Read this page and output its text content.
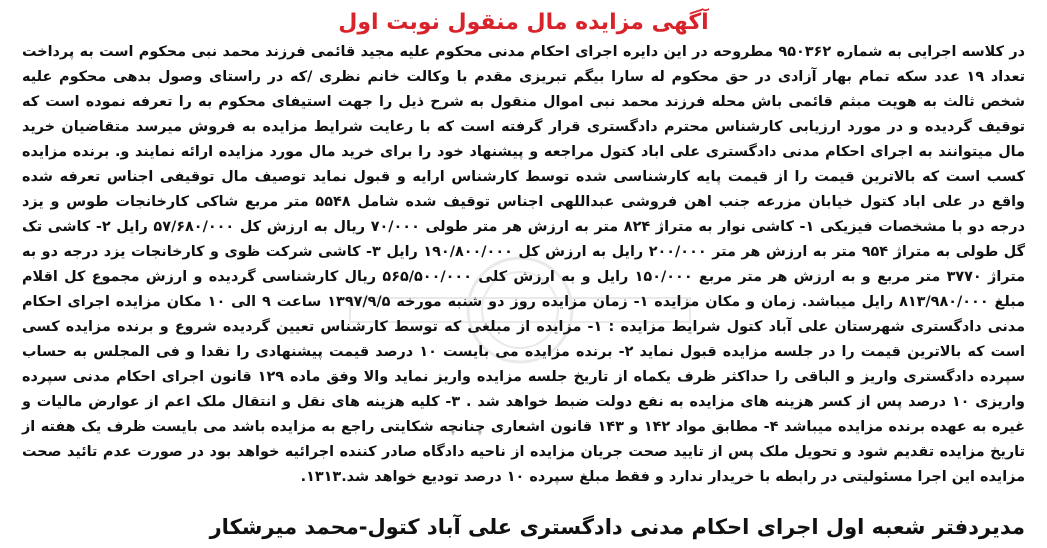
آگهی مزایده مال منقول نوبت اول

در کلاسه اجرایی به شماره ۹۵۰۳۶۲ مطروحه در این دایره اجرای احکام مدنی محکوم علیه مجید قائمی فرزند محمد نبی محکوم است به پرداخت تعداد ۱۹ عدد سکه تمام بهار آزادی در حق محکوم له سارا بیگم تبریزی مقدم با وکالت خانم نظری /که در راستای وصول بدهی محکوم علیه شخص ثالث به هویت مبثم قائمی باش محله فرزند محمد نبی اموال منقول به شرح ذیل را جهت استیفای محکوم به را تعرفه نموده است که توقیف گردیده و در مورد ارزیابی کارشناس محترم دادگستری قرار گرفته است که با رعایت شرایط مزایده به فروش میرسد متقاضیان خرید مال میتوانند به اجرای احکام مدنی دادگستری علی اباد کتول مراجعه و پیشنهاد خود را برای خرید مال مورد مزایده ارائه نمایند و. برنده مزایده کسب است که بالاترین قیمت را از قیمت پایه کارشناسی شده توسط کارشناس ارایه و قبول نماید توصیف مال توقیفی اجناس تعرفه شده واقع در علی اباد کتول خیابان مزرعه جنب اهن فروشی عبداللهی اجناس توقیف شده شامل ۵۵۴۸ متر مربع شاکی کارخانجات طوس و یزد درجه دو با مشخصات فیزیکی ۱- کاشی نوار به متراژ ۸۲۴ متر به ارزش هر متر طولی ۷۰/۰۰۰ ریال به ارزش کل ۵۷/۶۸۰/۰۰۰ رایل ۲- کاشی تک گل طولی به متراژ ۹۵۴ متر به ارزش هر متر ۲۰۰/۰۰۰ رایل به ارزش کل ۱۹۰/۸۰۰/۰۰۰ رایل ۳- کاشی شرکت ظوی و کارخانجات یزد درجه دو به متراژ ۳۷۷۰ متر مربع و به ارزش هر متر مربع ۱۵۰/۰۰۰ رایل و به ارزش کلی ۵۶۵/۵۰۰/۰۰۰ ریال کارشناسی گردیده و ارزش مجموع کل اقلام مبلغ ۸۱۳/۹۸۰/۰۰۰ رایل میباشد. زمان و مکان مزایده ۱- زمان مزایده روز دو شنبه مورخه ۱۳۹۷/۹/۵ ساعت ۹ الی ۱۰ مکان مزایده اجرای احکام مدنی دادگستری شهرستان علی آباد کتول شرایط مزایده : ۱- مزایده از مبلغی که توسط کارشناس تعیین گردیده شروع و برنده مزایده کسی است که بالاترین قیمت را در جلسه مزایده قبول نماید ۲- برنده مزایده می بایست ۱۰ درصد قیمت پیشنهادی را نقدا و فی المجلس به حساب سپرده دادگستری واریز و الباقی را حداکثر ظرف یکماه از تاریخ جلسه مزایده واریز نماید والا وفق ماده ۱۲۹ قانون اجرای احکام مدنی سپرده واریزی ۱۰ درصد پس از کسر هزینه های مزایده به نفع دولت ضبط خواهد شد . ۳- کلیه هزینه های نقل و انتقال ملک اعم از عوارض مالیات و غیره به عهده برنده مزایده میباشد ۴- مطابق مواد ۱۴۲ و ۱۴۳ قانون اشعاری چنانچه شکایتی راجع به مزایده باشد می بایست ظرف یک هفته از تاریخ مزایده تقدیم شود و تحویل ملک پس از تایید صحت جریان مزایده از ناحیه دادگاه صادر کننده اجرائیه خواهد بود در صورت عدم تائید صحت مزایده این اجرا مسئولیتی در رابطه با خریدار ندارد و فقط مبلغ سپرده ۱۰ درصد تودیع خواهد شد.۱۳۱۳.

مدیردفتر شعبه اول اجرای احکام مدنی دادگستری علی آباد کتول-محمد میرشکار
